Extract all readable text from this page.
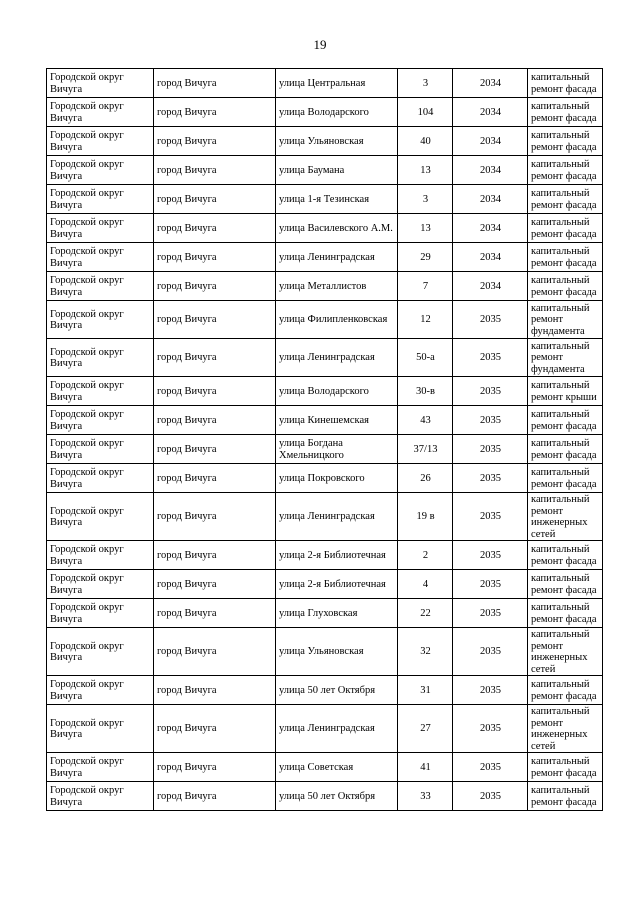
19
Городской округ Вичуга	город Вичуга	улица Центральная	3	2034	капитальный ремонт фасада
Городской округ Вичуга	город Вичуга	улица Володарского	104	2034	капитальный ремонт фасада
Городской округ Вичуга	город Вичуга	улица Ульяновская	40	2034	капитальный ремонт фасада
Городской округ Вичуга	город Вичуга	улица Баумана	13	2034	капитальный ремонт фасада
Городской округ Вичуга	город Вичуга	улица 1-я Тезинская	3	2034	капитальный ремонт фасада
Городской округ Вичуга	город Вичуга	улица Василевского А.М.	13	2034	капитальный ремонт фасада
Городской округ Вичуга	город Вичуга	улица Ленинградская	29	2034	капитальный ремонт фасада
Городской округ Вичуга	город Вичуга	улица Металлистов	7	2034	капитальный ремонт фасада
Городской округ Вичуга	город Вичуга	улица Филипленковская	12	2035	капитальный ремонт фундамента
Городской округ Вичуга	город Вичуга	улица Ленинградская	50-а	2035	капитальный ремонт фундамента
Городской округ Вичуга	город Вичуга	улица Володарского	30-в	2035	капитальный ремонт крыши
Городской округ Вичуга	город Вичуга	улица Кинешемская	43	2035	капитальный ремонт фасада
Городской округ Вичуга	город Вичуга	улица Богдана Хмельницкого	37/13	2035	капитальный ремонт фасада
Городской округ Вичуга	город Вичуга	улица Покровского	26	2035	капитальный ремонт фасада
Городской округ Вичуга	город Вичуга	улица Ленинградская	19 в	2035	капитальный ремонт инженерных сетей
Городской округ Вичуга	город Вичуга	улица 2-я Библиотечная	2	2035	капитальный ремонт фасада
Городской округ Вичуга	город Вичуга	улица 2-я Библиотечная	4	2035	капитальный ремонт фасада
Городской округ Вичуга	город Вичуга	улица Глуховская	22	2035	капитальный ремонт фасада
Городской округ Вичуга	город Вичуга	улица Ульяновская	32	2035	капитальный ремонт инженерных сетей
Городской округ Вичуга	город Вичуга	улица 50 лет Октября	31	2035	капитальный ремонт фасада
Городской округ Вичуга	город Вичуга	улица Ленинградская	27	2035	капитальный ремонт инженерных сетей
Городской округ Вичуга	город Вичуга	улица Советская	41	2035	капитальный ремонт фасада
Городской округ Вичуга	город Вичуга	улица 50 лет Октября	33	2035	капитальный ремонт фасада
